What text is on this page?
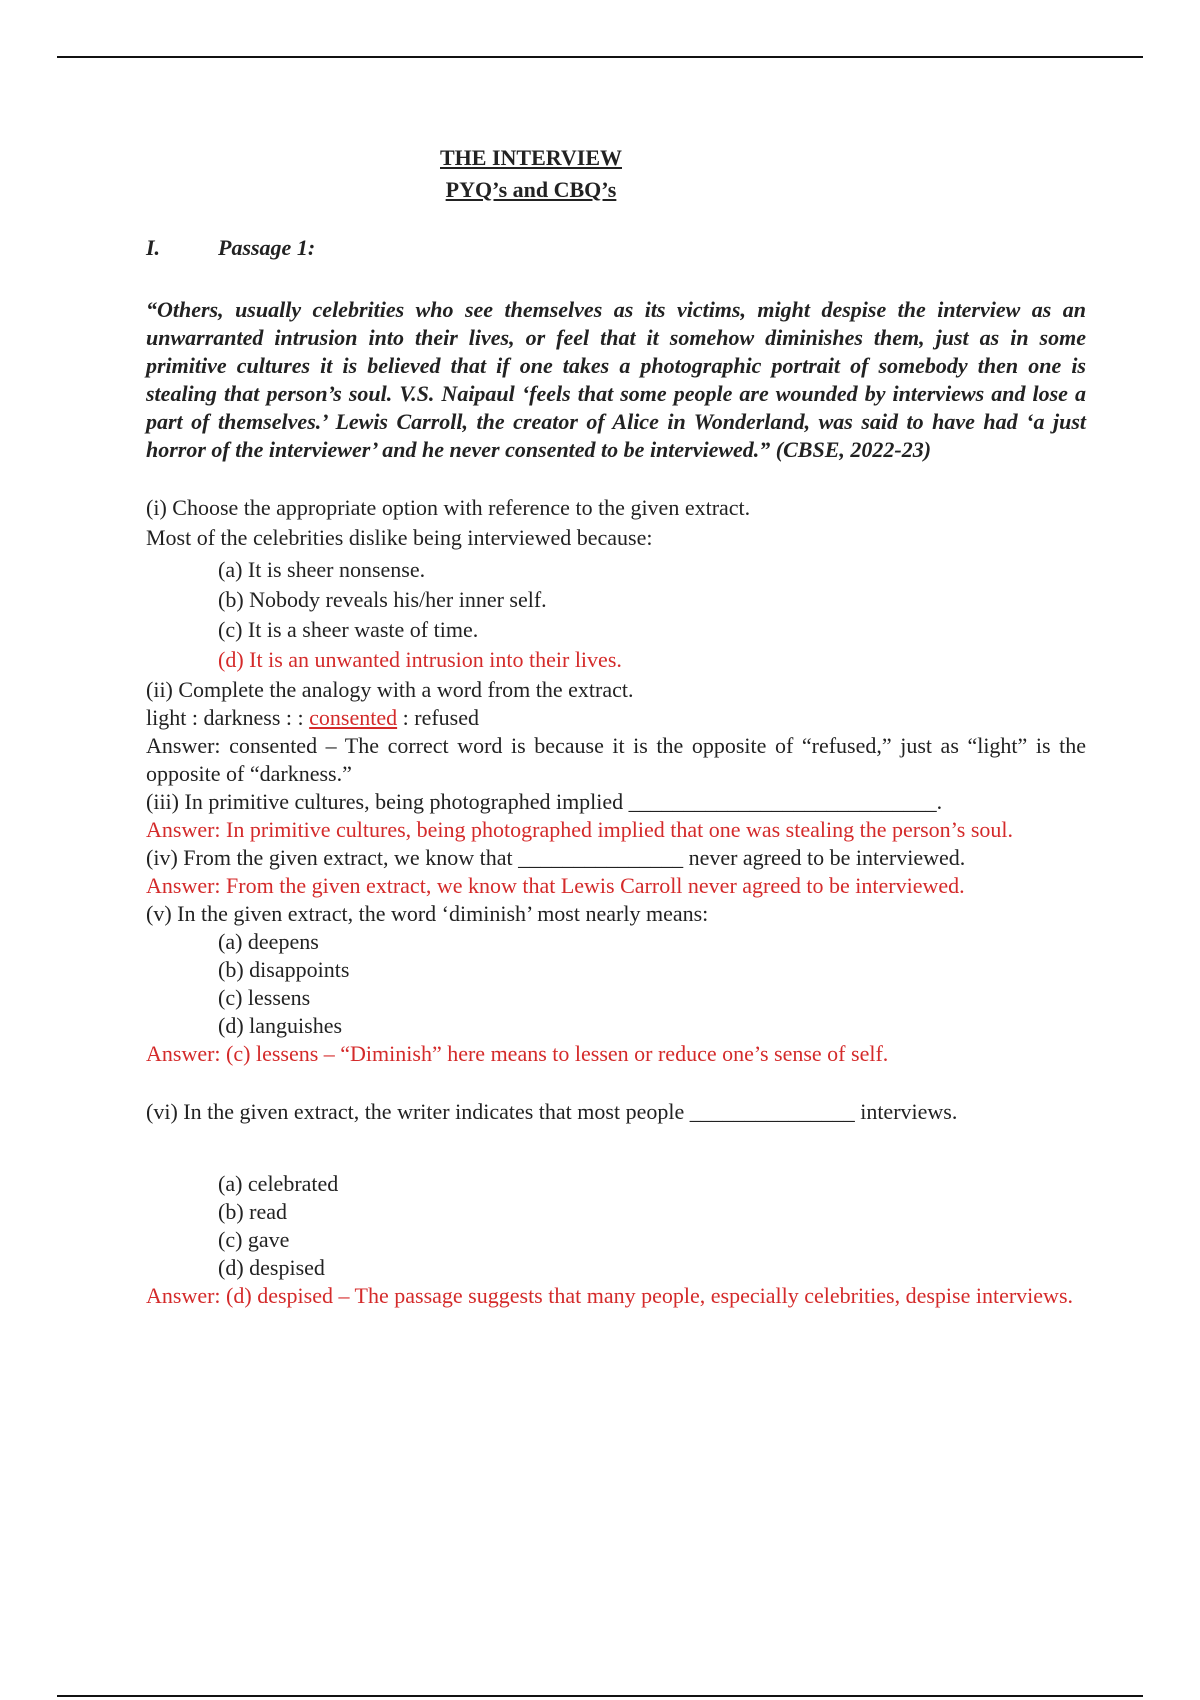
THE INTERVIEW
PYQ’s and CBQ’s
I.	Passage 1:
“Others, usually celebrities who see themselves as its victims, might despise the interview as an unwarranted intrusion into their lives, or feel that it somehow diminishes them, just as in some primitive cultures it is believed that if one takes a photographic portrait of somebody then one is stealing that person’s soul. V.S. Naipaul ‘feels that some people are wounded by interviews and lose a part of themselves.’ Lewis Carroll, the creator of Alice in Wonderland, was said to have had ‘a just horror of the interviewer’ and he never consented to be interviewed.” (CBSE, 2022-23)
(i) Choose the appropriate option with reference to the given extract.
Most of the celebrities dislike being interviewed because:
(a) It is sheer nonsense.
(b) Nobody reveals his/her inner self.
(c) It is a sheer waste of time.
(d) It is an unwanted intrusion into their lives.
(ii) Complete the analogy with a word from the extract.
light : darkness : : consented : refused
Answer: consented – The correct word is because it is the opposite of “refused,” just as “light” is the opposite of “darkness.”
(iii) In primitive cultures, being photographed implied ____________________________.
Answer: In primitive cultures, being photographed implied that one was stealing the person’s soul.
(iv) From the given extract, we know that _______________ never agreed to be interviewed.
Answer: From the given extract, we know that Lewis Carroll never agreed to be interviewed.
(v) In the given extract, the word ‘diminish’ most nearly means:
(a) deepens
(b) disappoints
(c) lessens
(d) languishes
Answer: (c) lessens – “Diminish” here means to lessen or reduce one’s sense of self.
(vi) In the given extract, the writer indicates that most people _______________ interviews.
(a) celebrated
(b) read
(c) gave
(d) despised
Answer: (d) despised – The passage suggests that many people, especially celebrities, despise interviews.
